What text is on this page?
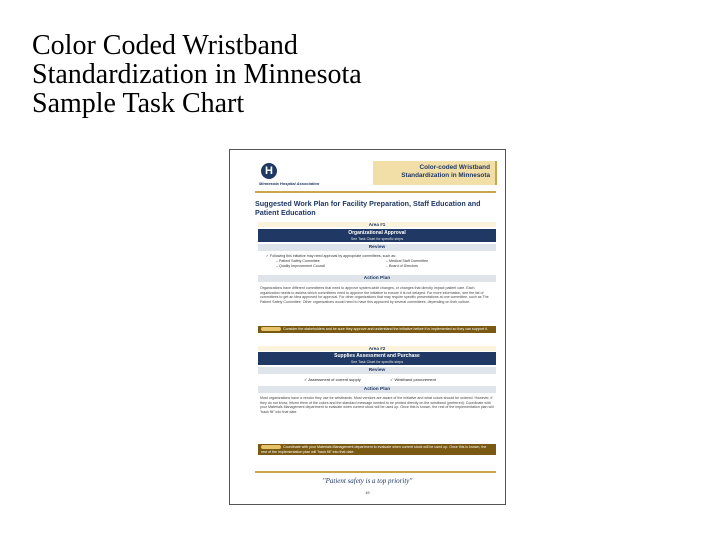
Color Coded Wristband
Standardization in Minnesota
Sample Task Chart
H
Minnesota Hospital Association
Color-coded Wristband
Standardization in Minnesota
Suggested Work Plan for Facility Preparation, Staff Education and Patient Education
Area #1
Organizational Approval
See Task Chart for specific steps
Review
✓ Following this initiative may need approval by appropriate committees, such as:
– Patient Safety Committee
– Quality Improvement Council
– Medical Staff Committee
– Board of Directors
Action Plan
Organizations have different committees that need to approve system-wide changes, or changes that directly impact patient care. Each organization needs to assess which committees need to approve the initiative to ensure it is not delayed. For more information, see the list of committees to get an idea approved for approval. For other organizations that may require specific presentations at one committee, such as The Patient Safety Committee. Other organizations would need to have this approved by several committees, depending on their culture.
Consider the stakeholders and be sure they approve and understand the initiative before it is implemented so they can support it.
Area #2
Supplies Assessment and Purchase
See Task Chart for specific steps
Review
✓ Assessment of current supply	✓ Wristband procurement
Action Plan
Most organizations have a vendor they use for wristbands. Most vendors are aware of the initiative and what colors should be ordered. However, if they do not know, inform them of the colors and the standard message needed to be printed directly on the wristband (preferred). Coordinate with your Materials Management department to evaluate when current stock will be used up. Once this is known, the rest of the implementation plan will "back fill" into that date.
Coordinate with your Materials Management department to evaluate when current stock will be used up. Once this is known, the rest of the implementation plan will "back fill" into that date.
"Patient safety is a top priority"
49
